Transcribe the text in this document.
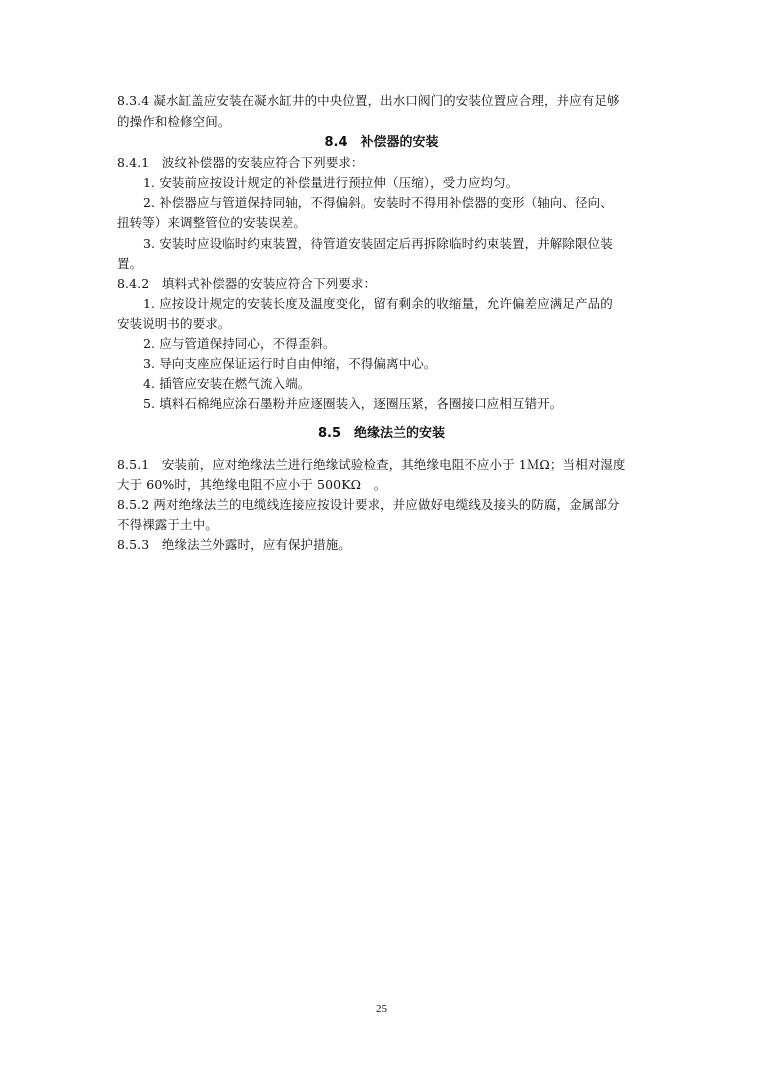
8.3.4 凝水缸盖应安装在凝水缸井的中央位置，出水口阀门的安装位置应合理，并应有足够
的操作和检修空间。
8.4　补偿器的安装
8.4.1　波纹补偿器的安装应符合下列要求：
1. 安装前应按设计规定的补偿量进行预拉伸（压缩），受力应均匀。
2. 补偿器应与管道保持同轴，不得偏斜。安装时不得用补偿器的变形（轴向、径向、
扭转等）来调整管位的安装误差。
3. 安装时应设临时约束装置，待管道安装固定后再拆除临时约束装置，并解除限位装
置。
8.4.2　填料式补偿器的安装应符合下列要求：
1. 应按设计规定的安装长度及温度变化，留有剩余的收缩量，允许偏差应满足产品的
安装说明书的要求。
2. 应与管道保持同心，不得歪斜。
3. 导向支座应保证运行时自由伸缩，不得偏离中心。
4. 插管应安装在燃气流入端。
5. 填料石棉绳应涂石墨粉并应逐圈装入，逐圈压紧，各圈接口应相互错开。
8.5　绝缘法兰的安装
8.5.1　安装前，应对绝缘法兰进行绝缘试验检查，其绝缘电阻不应小于 1ＭΩ；当相对湿度
大于 60%时，其绝缘电阻不应小于 500KΩ　。
8.5.2 两对绝缘法兰的电缆线连接应按设计要求，并应做好电缆线及接头的防腐，金属部分
不得裸露于土中。
8.5.3　绝缘法兰外露时，应有保护措施。
25
